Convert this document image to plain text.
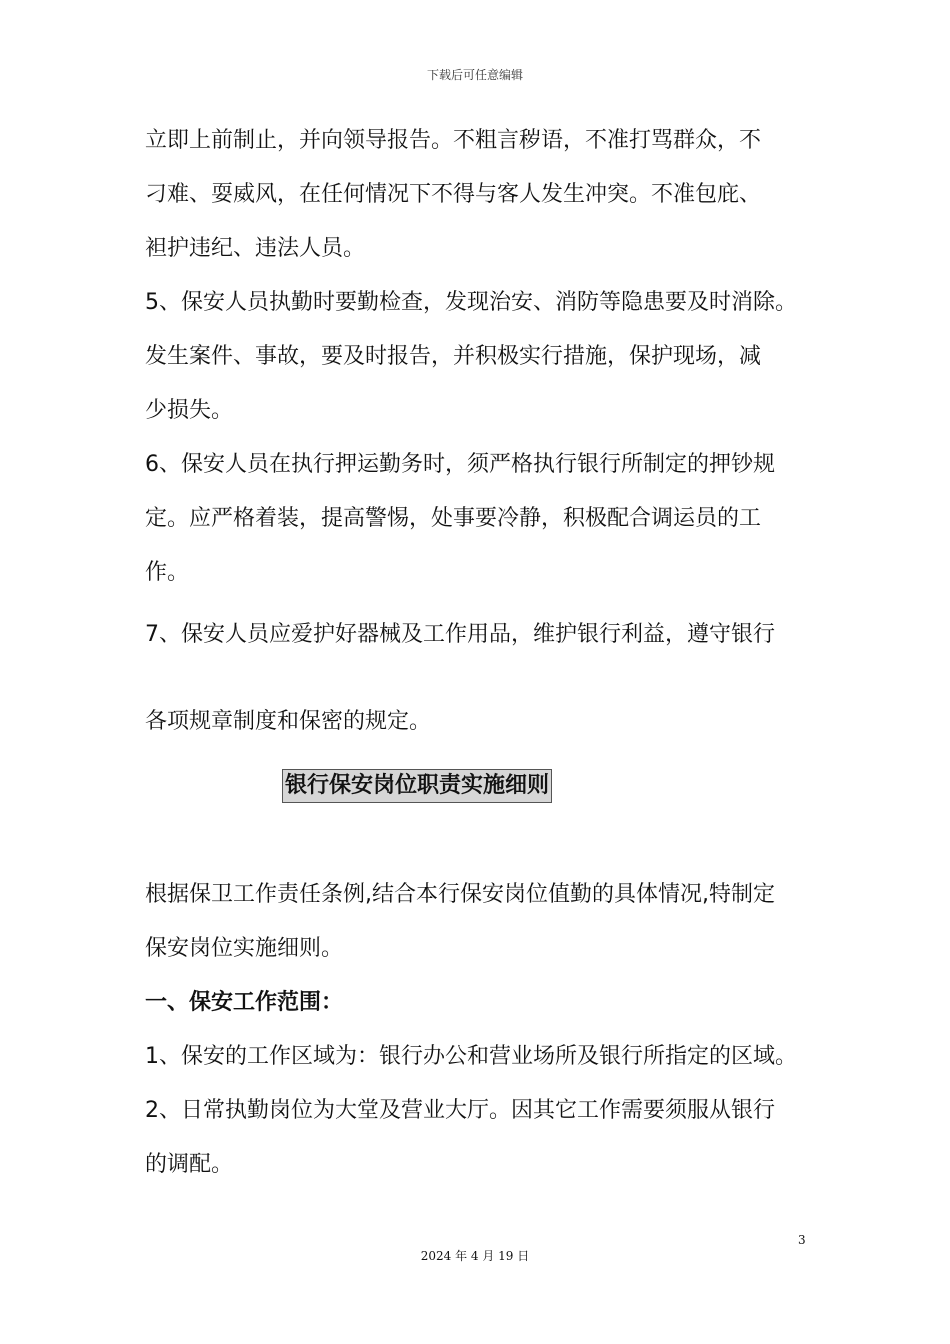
下载后可任意编辑
立即上前制止，并向领导报告。不粗言秽语，不准打骂群众，不
刁难、耍威风，在任何情况下不得与客人发生冲突。不准包庇、
袒护违纪、违法人员。
5、保安人员执勤时要勤检查，发现治安、消防等隐患要及时消除。
发生案件、事故，要及时报告，并积极实行措施，保护现场，减
少损失。
6、保安人员在执行押运勤务时，须严格执行银行所制定的押钞规
定。应严格着装，提高警惕，处事要冷静，积极配合调运员的工
作。
7、保安人员应爱护好器械及工作用品，维护银行利益，遵守银行
各项规章制度和保密的规定。
银行保安岗位职责实施细则
根据保卫工作责任条例,结合本行保安岗位值勤的具体情况,特制定
保安岗位实施细则。
一、保安工作范围：
1、保安的工作区域为：银行办公和营业场所及银行所指定的区域。
2、日常执勤岗位为大堂及营业大厅。因其它工作需要须服从银行
的调配。
3
2024 年 4 月 19 日
